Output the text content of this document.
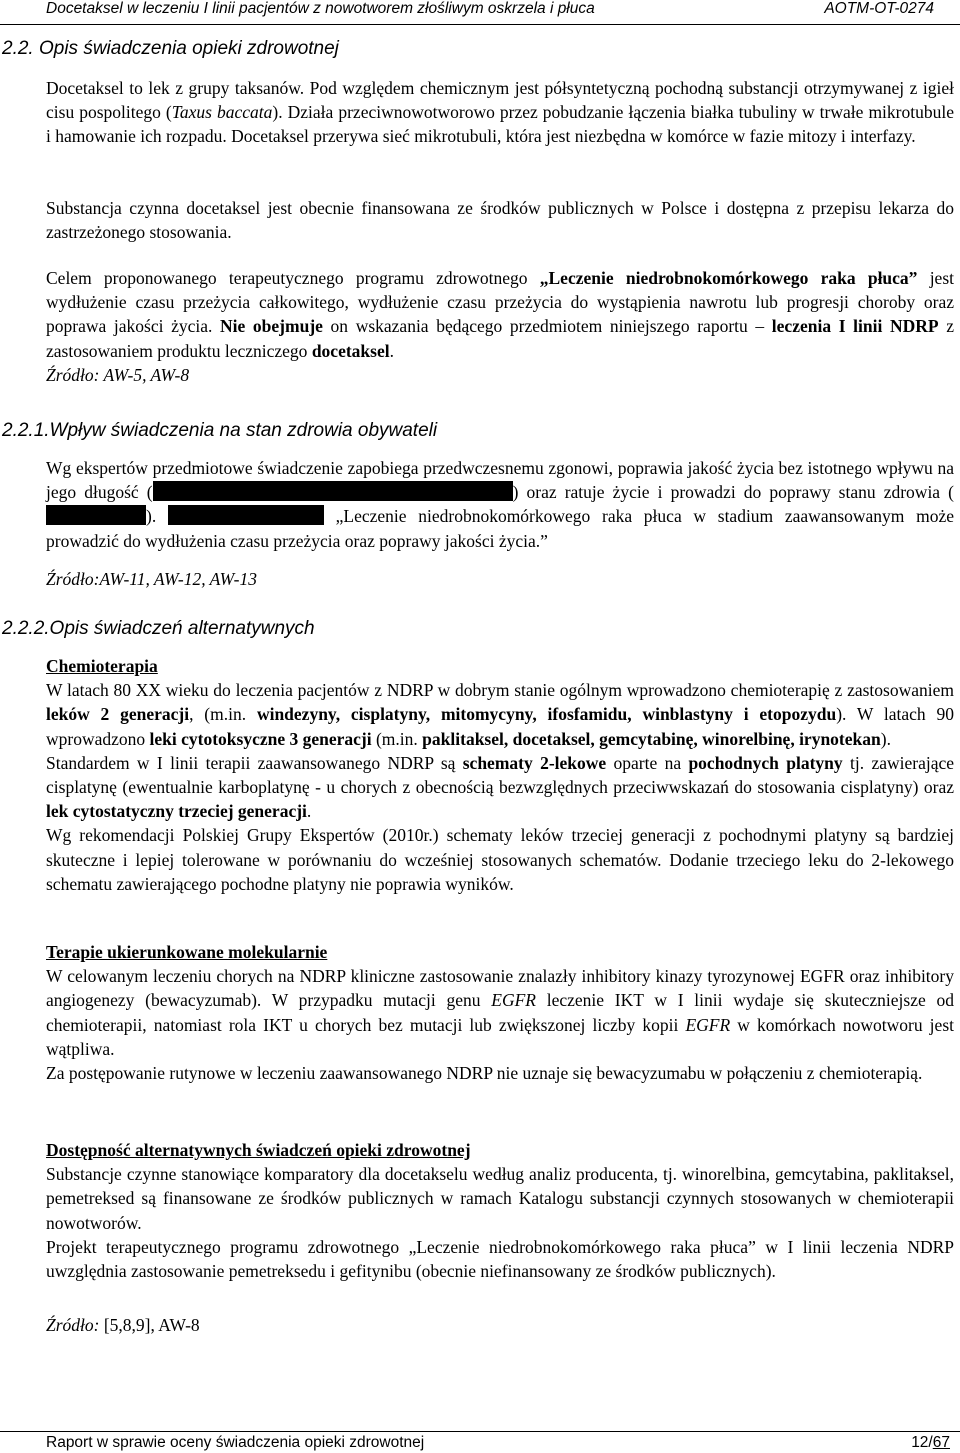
Docetaksel w leczeniu I linii pacjentów z nowotworem złośliwym oskrzela i płuca	AOTM-OT-0274
2.2. Opis świadczenia opieki zdrowotnej
Docetaksel to lek z grupy taksanów. Pod względem chemicznym jest półsyntetyczną pochodną substancji otrzymywanej z igieł cisu pospolitego (Taxus baccata). Działa przeciwnowotworowo przez pobudzanie łączenia białka tubuliny w trwałe mikrotubule i hamowanie ich rozpadu. Docetaksel przerywa sieć mikrotubuli, która jest niezbędna w komórce w fazie mitozy i interfazy.
Substancja czynna docetaksel jest obecnie finansowana ze środków publicznych w Polsce i dostępna z przepisu lekarza do zastrzeżonego stosowania.
Celem proponowanego terapeutycznego programu zdrowotnego „Leczenie niedrobnokomórkowego raka płuca” jest wydłużenie czasu przeżycia całkowitego, wydłużenie czasu przeżycia do wystąpienia nawrotu lub progresji choroby oraz poprawa jakości życia. Nie obejmuje on wskazania będącego przedmiotem niniejszego raportu – leczenia I linii NDRP z zastosowaniem produktu leczniczego docetaksel.
Źródło: AW-5, AW-8
2.2.1.Wpływ świadczenia na stan zdrowia obywateli
Wg ekspertów przedmiotowe świadczenie zapobiega przedwczesnemu zgonowi, poprawia jakość życia bez istotnego wpływu na jego długość (	) oraz ratuje życie i prowadzi do poprawy stanu zdrowia ().	„Leczenie niedrobnokomórkowego raka płuca w stadium zaawansowanym może prowadzić do wydłużenia czasu przeżycia oraz poprawy jakości życia.”

Źródło:AW-11, AW-12, AW-13
2.2.2.Opis świadczeń alternatywnych
Chemioterapia
W latach 80 XX wieku do leczenia pacjentów z NDRP w dobrym stanie ogólnym wprowadzono chemioterapię z zastosowaniem leków 2 generacji, (m.in. windezyny, cisplatyny, mitomycyny, ifosfamidu, winblastyny i etopozydu). W latach 90 wprowadzono leki cytotoksyczne 3 generacji (m.in. paklitaksel, docetaksel, gemcytabinę, winorelbinę, irynotekan).
Standardem w I linii terapii zaawansowanego NDRP są schematy 2-lekowe oparte na pochodnych platyny tj. zawierające cisplatynę (ewentualnie karboplatynę - u chorych z obecnością bezwzględnych przeciwwskazań do stosowania cisplatyny) oraz lek cytostatyczny trzeciej generacji.
Wg rekomendacji Polskiej Grupy Ekspertów (2010r.) schematy leków trzeciej generacji z pochodnymi platyny są bardziej skuteczne i lepiej tolerowane w porównaniu do wcześniej stosowanych schematów. Dodanie trzeciego leku do 2-lekowego schematu zawierającego pochodne platyny nie poprawia wyników.
Terapie ukierunkowane molekularnie
W celowanym leczeniu chorych na NDRP kliniczne zastosowanie znalazły inhibitory kinazy tyrozynowej EGFR oraz inhibitory angiogenezy (bewacyzumab). W przypadku mutacji genu EGFR leczenie IKT w I linii wydaje się skuteczniejsze od chemioterapii, natomiast rola IKT u chorych bez mutacji lub zwiększonej liczby kopii EGFR w komórkach nowotworu jest wątpliwa.
Za postępowanie rutynowe w leczeniu zaawansowanego NDRP nie uznaje się bewacyzumabu w połączeniu z chemioterapią.
Dostępność alternatywnych świadczeń opieki zdrowotnej
Substancje czynne stanowiące komparatory dla docetakselu według analiz producenta, tj. winorelbina, gemcytabina, paklitaksel, pemetreksed są finansowane ze środków publicznych w ramach Katalogu substancji czynnych stosowanych w chemioterapii nowotworów.
Projekt terapeutycznego programu zdrowotnego „Leczenie niedrobnokomórkowego raka płuca” w I linii leczenia NDRP uwzględnia zastosowanie pemetreksedu i gefitynibu (obecnie niefinansowany ze środków publicznych).

Źródło: [5,8,9], AW-8
Raport w sprawie oceny świadczenia opieki zdrowotnej	12/67
